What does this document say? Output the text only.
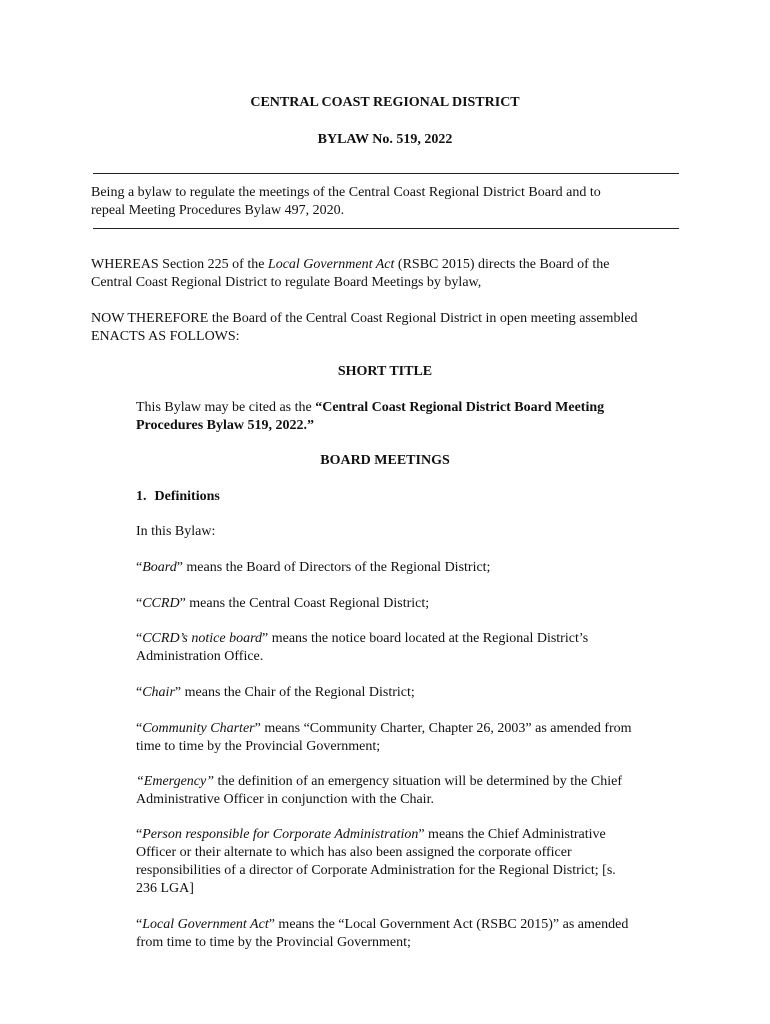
CENTRAL COAST REGIONAL DISTRICT
BYLAW No. 519, 2022
Being a bylaw to regulate the meetings of the Central Coast Regional District Board and to
repeal Meeting Procedures Bylaw 497, 2020.
WHEREAS Section 225 of the Local Government Act (RSBC 2015) directs the Board of the
Central Coast Regional District to regulate Board Meetings by bylaw,
NOW THEREFORE the Board of the Central Coast Regional District in open meeting assembled
ENACTS AS FOLLOWS:
SHORT TITLE
This Bylaw may be cited as the “Central Coast Regional District Board Meeting
Procedures Bylaw 519, 2022.”
BOARD MEETINGS
1. Definitions
In this Bylaw:
“Board” means the Board of Directors of the Regional District;
“CCRD” means the Central Coast Regional District;
“CCRD’s notice board” means the notice board located at the Regional District’s
Administration Office.
“Chair” means the Chair of the Regional District;
“Community Charter” means “Community Charter, Chapter 26, 2003” as amended from
time to time by the Provincial Government;
“Emergency” the definition of an emergency situation will be determined by the Chief
Administrative Officer in conjunction with the Chair.
“Person responsible for Corporate Administration” means the Chief Administrative
Officer or their alternate to which has also been assigned the corporate officer
responsibilities of a director of Corporate Administration for the Regional District; [s.
236 LGA]
“Local Government Act” means the “Local Government Act (RSBC 2015)” as amended
from time to time by the Provincial Government;
